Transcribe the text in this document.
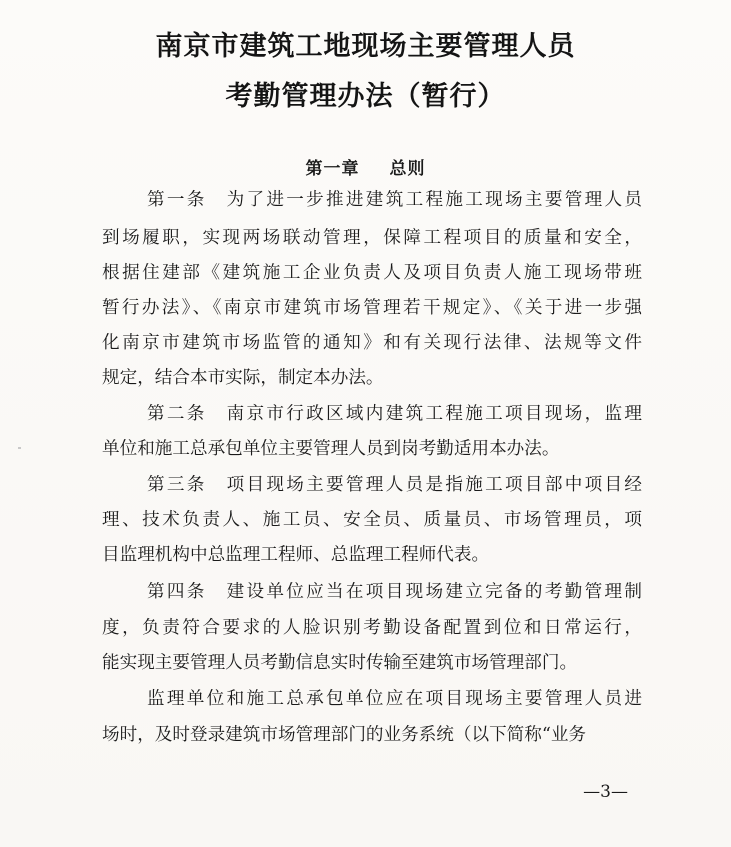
南京市建筑工地现场主要管理人员
考勤管理办法（暂行）
第一章 总则
第一条　为了进一步推进建筑工程施工现场主要管理人员
到场履职，实现两场联动管理，保障工程项目的质量和安全，
根据住建部《建筑施工企业负责人及项目负责人施工现场带班
暂行办法》、《南京市建筑市场管理若干规定》、《关于进一步强
化南京市建筑市场监管的通知》和有关现行法律、法规等文件
规定，结合本市实际，制定本办法。
第二条　南京市行政区域内建筑工程施工项目现场，监理
单位和施工总承包单位主要管理人员到岗考勤适用本办法。
第三条　项目现场主要管理人员是指施工项目部中项目经
理、技术负责人、施工员、安全员、质量员、市场管理员，项
目监理机构中总监理工程师、总监理工程师代表。
第四条　建设单位应当在项目现场建立完备的考勤管理制
度，负责符合要求的人脸识别考勤设备配置到位和日常运行，
能实现主要管理人员考勤信息实时传输至建筑市场管理部门。
监理单位和施工总承包单位应在项目现场主要管理人员进
场时，及时登录建筑市场管理部门的业务系统（以下简称“业务
—3—
